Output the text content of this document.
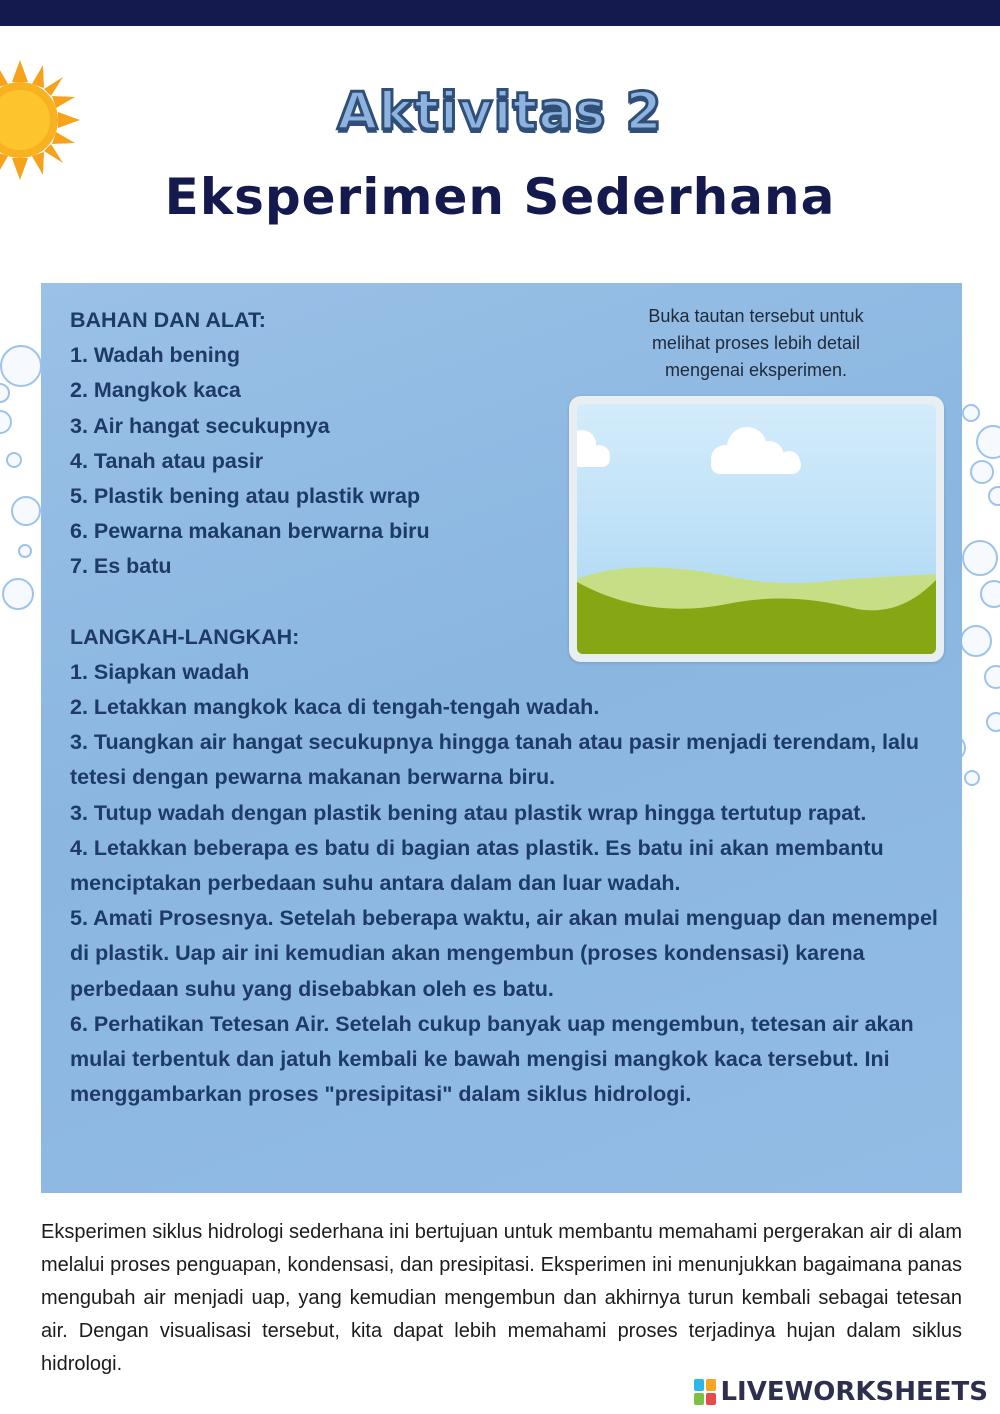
Aktivitas 2
Eksperimen Sederhana
BAHAN DAN ALAT:
1. Wadah bening
2. Mangkok kaca
3. Air hangat secukupnya
4. Tanah atau pasir
5. Plastik bening atau plastik wrap
6. Pewarna makanan berwarna biru
7. Es batu
LANGKAH-LANGKAH:
1. Siapkan wadah
2. Letakkan mangkok kaca di tengah-tengah wadah.
3. Tuangkan air hangat secukupnya hingga tanah atau pasir menjadi terendam, lalu tetesi dengan pewarna makanan berwarna biru.
3. Tutup wadah dengan plastik bening atau plastik wrap hingga tertutup rapat.
4. Letakkan beberapa es batu di bagian atas plastik. Es batu ini akan membantu menciptakan perbedaan suhu antara dalam dan luar wadah.
5. Amati Prosesnya. Setelah beberapa waktu, air akan mulai menguap dan menempel di plastik. Uap air ini kemudian akan mengembun (proses kondensasi) karena perbedaan suhu yang disebabkan oleh es batu.
6. Perhatikan Tetesan Air. Setelah cukup banyak uap mengembun, tetesan air akan mulai terbentuk dan jatuh kembali ke bawah mengisi mangkok kaca tersebut. Ini menggambarkan proses "presipitasi" dalam siklus hidrologi.
Buka tautan tersebut untuk melihat proses lebih detail mengenai eksperimen.
Eksperimen siklus hidrologi sederhana ini bertujuan untuk membantu memahami pergerakan air di alam melalui proses penguapan, kondensasi, dan presipitasi. Eksperimen ini menunjukkan bagaimana panas mengubah air menjadi uap, yang kemudian mengembun dan akhirnya turun kembali sebagai tetesan air. Dengan visualisasi tersebut, kita dapat lebih memahami proses terjadinya hujan dalam siklus hidrologi.
LIVEWORKSHEETS
